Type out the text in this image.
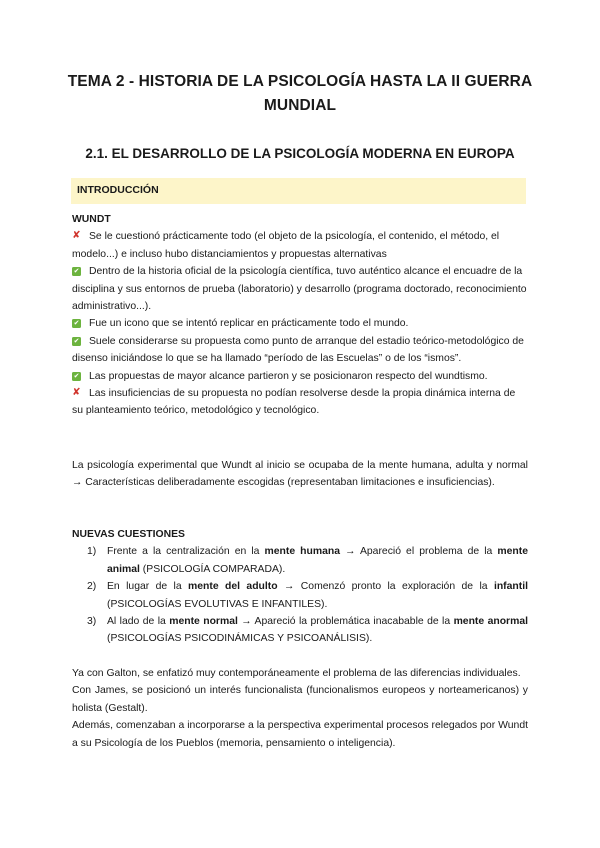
TEMA 2 - HISTORIA DE LA PSICOLOGÍA HASTA LA II GUERRA MUNDIAL
2.1. EL DESARROLLO DE LA PSICOLOGÍA MODERNA EN EUROPA
INTRODUCCIÓN
WUNDT
✘ Se le cuestionó prácticamente todo (el objeto de la psicología, el contenido, el método, el modelo...) e incluso hubo distanciamientos y propuestas alternativas
✔ Dentro de la historia oficial de la psicología científica, tuvo auténtico alcance el encuadre de la disciplina y sus entornos de prueba (laboratorio) y desarrollo (programa doctorado, reconocimiento administrativo...).
✔ Fue un icono que se intentó replicar en prácticamente todo el mundo.
✔ Suele considerarse su propuesta como punto de arranque del estadio teórico-metodológico de disenso iniciándose lo que se ha llamado “período de las Escuelas” o de los “ismos”.
✔ Las propuestas de mayor alcance partieron y se posicionaron respecto del wundtismo.
✘ Las insuficiencias de su propuesta no podían resolverse desde la propia dinámica interna de su planteamiento teórico, metodológico y tecnológico.
La psicología experimental que Wundt al inicio se ocupaba de la mente humana, adulta y normal → Características deliberadamente escogidas (representaban limitaciones e insuficiencias).
NUEVAS CUESTIONES
1) Frente a la centralización en la mente humana → Apareció el problema de la mente animal (PSICOLOGÍA COMPARADA).
2) En lugar de la mente del adulto → Comenzó pronto la exploración de la infantil (PSICOLOGÍAS EVOLUTIVAS E INFANTILES).
3) Al lado de la mente normal → Apareció la problemática inacabable de la mente anormal (PSICOLOGÍAS PSICODINÁMICAS Y PSICOANÁLISIS).
Ya con Galton, se enfatizó muy contemporáneamente el problema de las diferencias individuales.
Con James, se posicionó un interés funcionalista (funcionalismos europeos y norteamericanos) y holista (Gestalt).
Además, comenzaban a incorporarse a la perspectiva experimental procesos relegados por Wundt a su Psicología de los Pueblos (memoria, pensamiento o inteligencia).
